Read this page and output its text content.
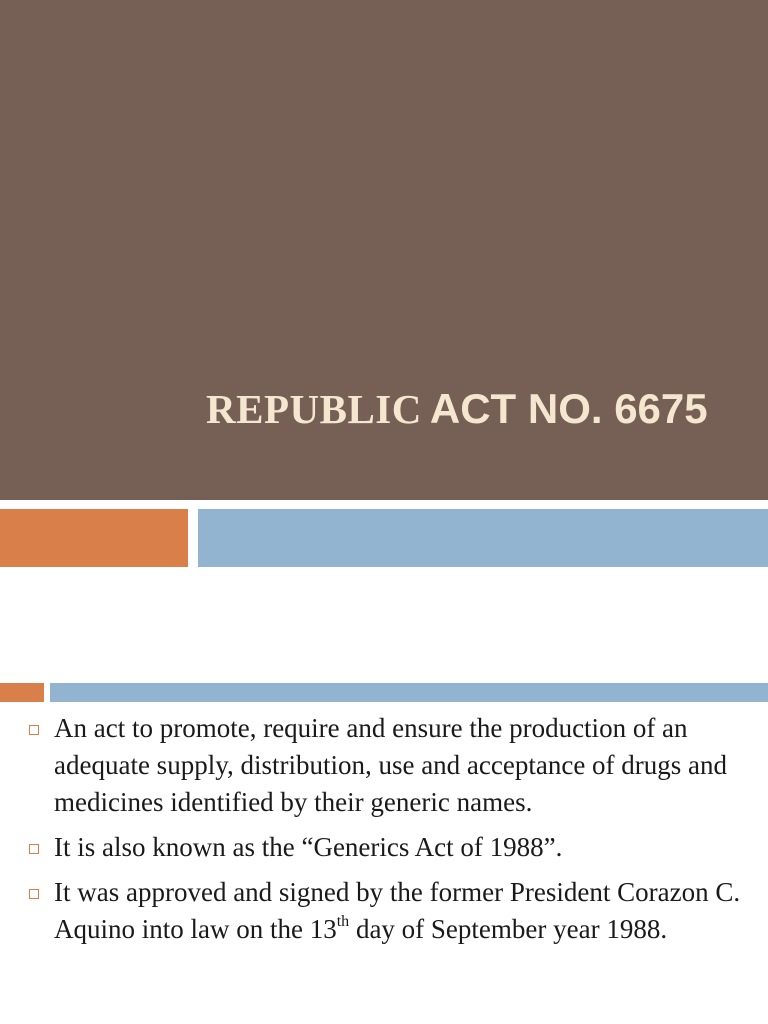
REPUBLIC ACT NO. 6675
An act to promote, require and ensure the production of an adequate supply, distribution, use and acceptance of drugs and medicines identified by their generic names.
It is also known as the “Generics Act of 1988”.
It was approved and signed by the former President Corazon C. Aquino into law on the 13th day of September year 1988.
